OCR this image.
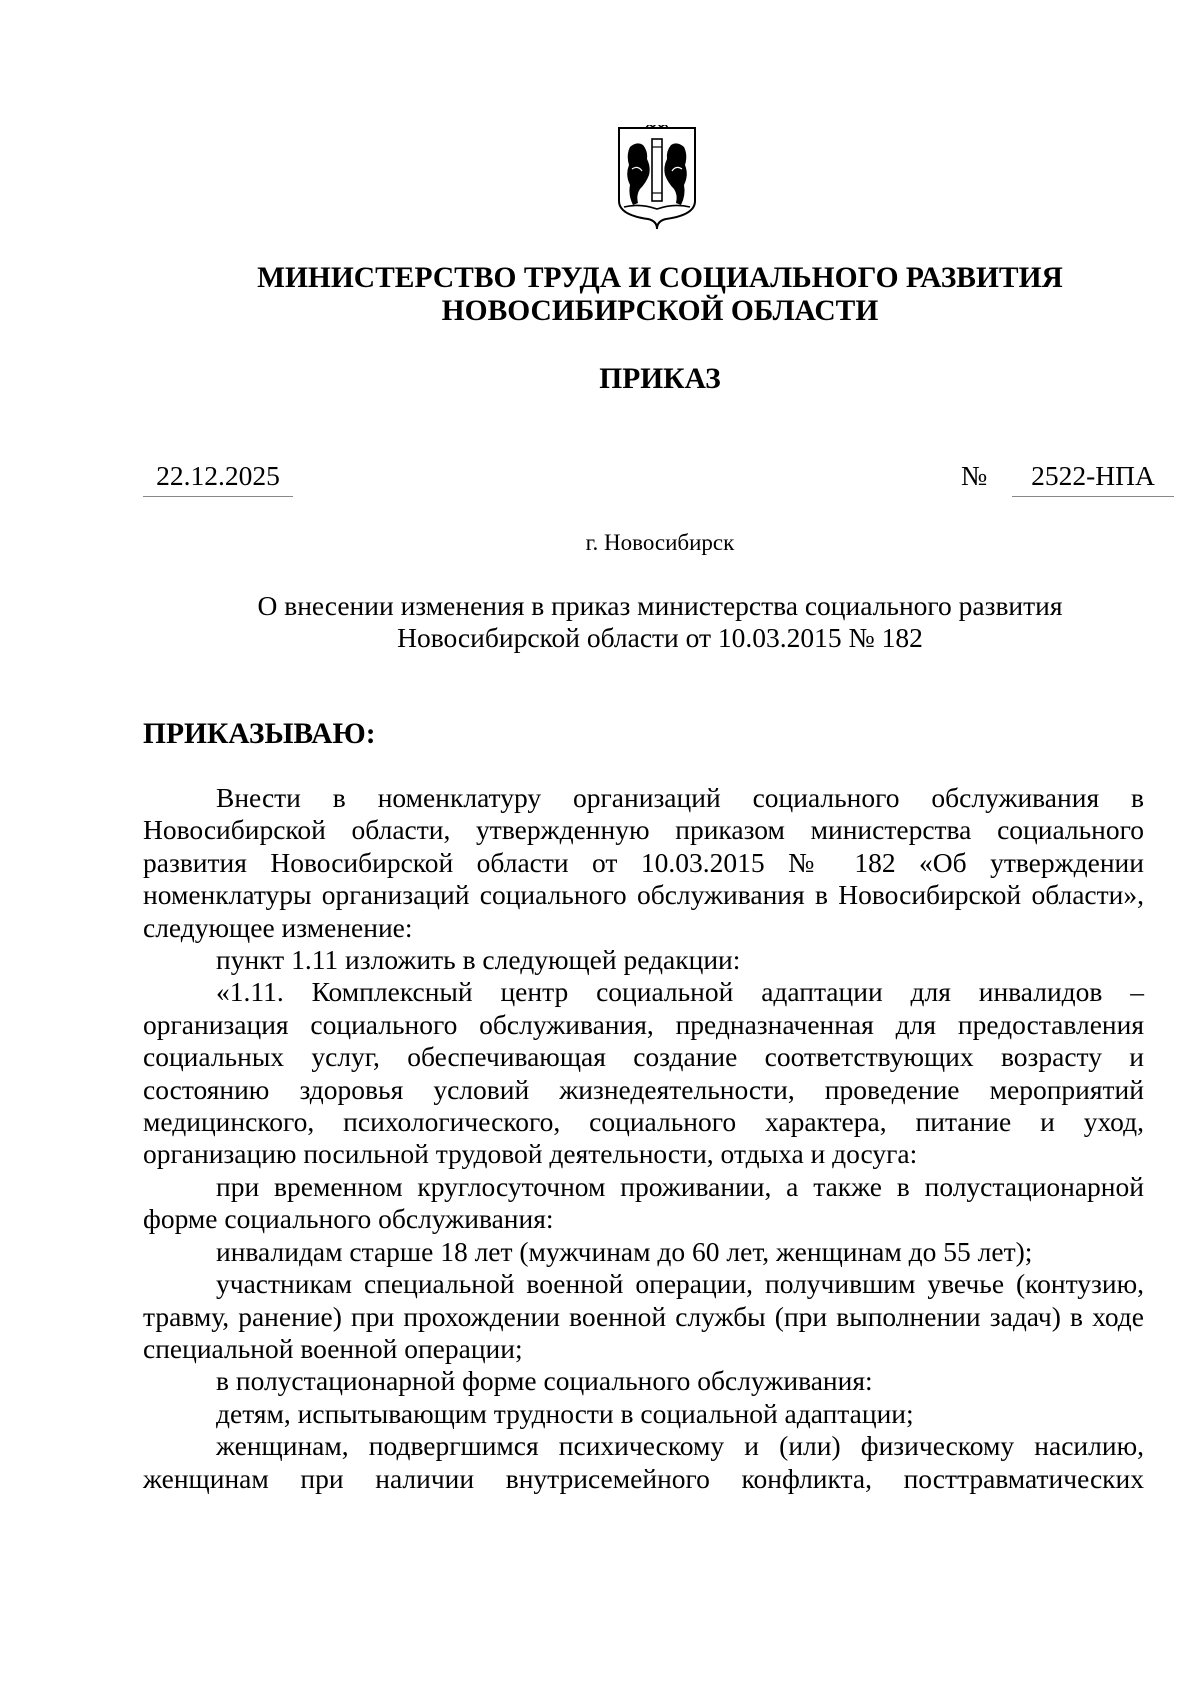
МИНИСТЕРСТВО ТРУДА И СОЦИАЛЬНОГО РАЗВИТИЯ
НОВОСИБИРСКОЙ ОБЛАСТИ
ПРИКАЗ
22.12.2025	№	2522-НПА
г. Новосибирск
О внесении изменения в приказ министерства социального развития
Новосибирской области от 10.03.2015 № 182
ПРИКАЗЫВАЮ:

Внести в номенклатуру организаций социального обслуживания в Новосибирской области, утвержденную приказом министерства социального развития Новосибирской области от 10.03.2015 № 182 «Об утверждении номенклатуры организаций социального обслуживания в Новосибирской области», следующее изменение:

пункт 1.11 изложить в следующей редакции:

«1.11. Комплексный центр социальной адаптации для инвалидов – организация социального обслуживания, предназначенная для предоставления социальных услуг, обеспечивающая создание соответствующих возрасту и состоянию здоровья условий жизнедеятельности, проведение мероприятий медицинского, психологического, социального характера, питание и уход, организацию посильной трудовой деятельности, отдыха и досуга:

при временном круглосуточном проживании, а также в полустационарной форме социального обслуживания:

инвалидам старше 18 лет (мужчинам до 60 лет, женщинам до 55 лет);

участникам специальной военной операции, получившим увечье (контузию, травму, ранение) при прохождении военной службы (при выполнении задач) в ходе специальной военной операции;

в полустационарной форме социального обслуживания:

детям, испытывающим трудности в социальной адаптации;

женщинам, подвергшимся психическому и (или) физическому насилию, женщинам при наличии внутрисемейного конфликта, посттравматических
